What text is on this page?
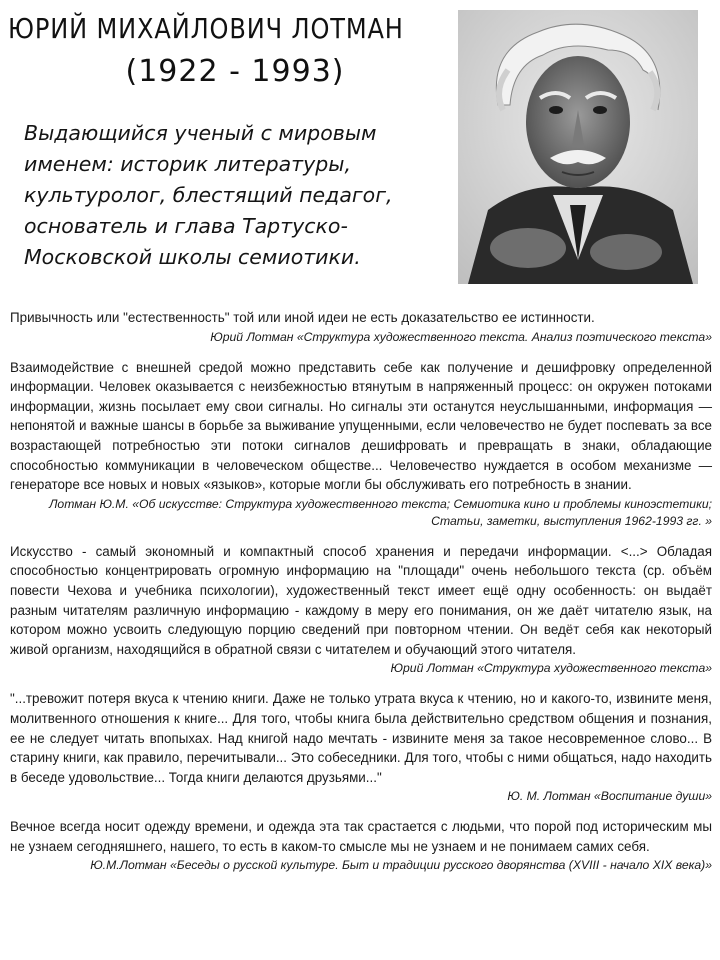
ЮРИЙ МИХАЙЛОВИЧ ЛОТМАН
(1922 - 1993)
Выдающийся ученый с мировым именем: историк литературы, культуролог, блестящий педагог, основатель и глава Тартуско-Московской школы семиотики.

Привычность или "естественность" той или иной идеи не есть доказательство ее истинности.

Юрий Лотман «Структура художественного текста. Анализ поэтического текста»

Взаимодействие с внешней средой можно представить себе как получение и дешифровку определенной информации. Человек оказывается с неизбежностью втянутым в напряженный процесс: он окружен потоками информации, жизнь посылает ему свои сигналы. Но сигналы эти останутся неуслышанными, информация — непонятой и важные шансы в борьбе за выживание упущенными, если человечество не будет поспевать за все возрастающей потребностью эти потоки сигналов дешифровать и превращать в знаки, обладающие способностью коммуникации в человеческом обществе... Человечество нуждается в особом механизме — генераторе все новых и новых «языков», которые могли бы обслуживать его потребность в знании.

Лотман Ю.М. «Об искусстве: Структура художественного текста; Семиотика кино и проблемы киноэстетики; Статьи, заметки, выступления 1962-1993 гг. »

Искусство - самый экономный и компактный способ хранения и передачи информации. <...> Обладая способностью концентрировать огромную информацию на "площади" очень небольшого текста (ср. объём повести Чехова и учебника психологии), художественный текст имеет ещё одну особенность: он выдаёт разным читателям различную информацию - каждому в меру его понимания, он же даёт читателю язык, на котором можно усвоить следующую порцию сведений при повторном чтении. Он ведёт себя как некоторый живой организм, находящийся в обратной связи с читателем и обучающий этого читателя.

Юрий Лотман «Структура художественного текста»

"...тревожит потеря вкуса к чтению книги. Даже не только утрата вкуса к чтению, но и какого-то, извините меня, молитвенного отношения к книге... Для того, чтобы книга была действительно средством общения и познания, ее не следует читать впопыхах. Над книгой надо мечтать - извините меня за такое несовременное слово... В старину книги, как правило, перечитывали... Это собеседники. Для того, чтобы с ними общаться, надо находить в беседе удовольствие... Тогда книги делаются друзьями..."

Ю. М. Лотман «Воспитание души»

Вечное всегда носит одежду времени, и одежда эта так срастается с людьми, что порой под историческим мы не узнаем сегодняшнего, нашего, то есть в каком-то смысле мы не узнаем и не понимаем самих себя.

Ю.М.Лотман «Беседы о русской культуре. Быт и традиции русского дворянства (XVIII - начало XIX века)»
